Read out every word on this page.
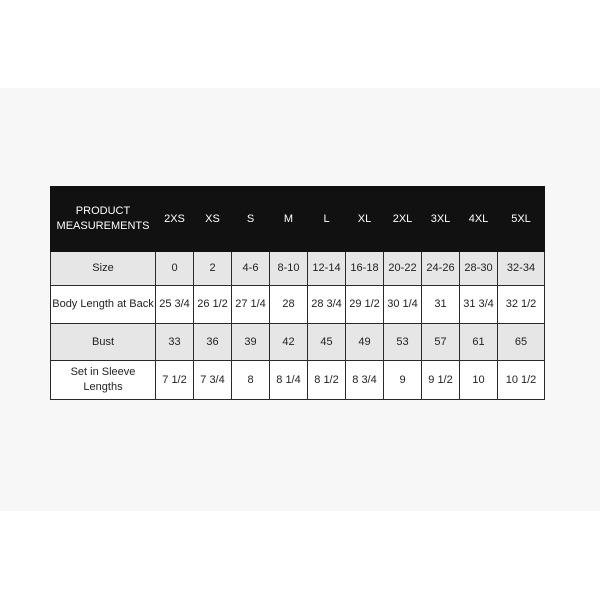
PRODUCT MEASUREMENTS	2XS	XS	S	M	L	XL	2XL	3XL	4XL	5XL
Size	0	2	4-6	8-10	12-14	16-18	20-22	24-26	28-30	32-34
Body Length at Back	25 3/4	26 1/2	27 1/4	28	28 3/4	29 1/2	30 1/4	31	31 3/4	32 1/2
Bust	33	36	39	42	45	49	53	57	61	65
Set in Sleeve Lengths	7 1/2	7 3/4	8	8 1/4	8 1/2	8 3/4	9	9 1/2	10	10 1/2
